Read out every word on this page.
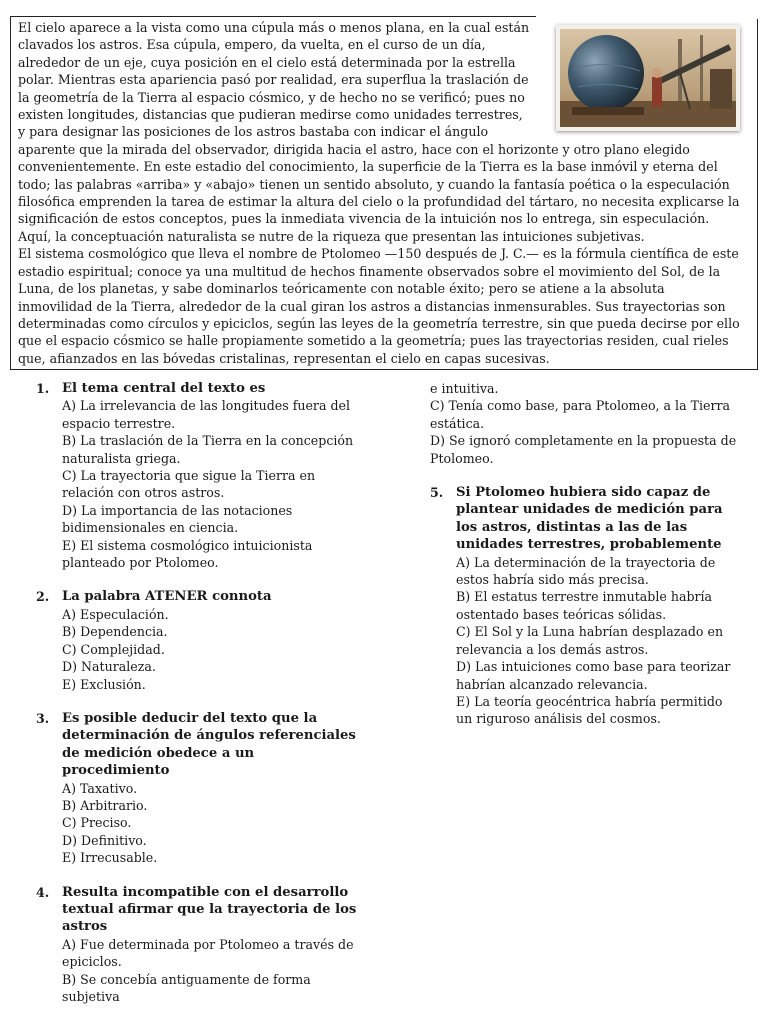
El cielo aparece a la vista como una cúpula más o menos plana, en la cual están clavados los astros. Esa cúpula, empero, da vuelta, en el curso de un día, alrededor de un eje, cuya posición en el cielo está determinada por la estrella polar. Mientras esta apariencia pasó por realidad, era superflua la traslación de la geometría de la Tierra al espacio cósmico, y de hecho no se verificó; pues no existen longitudes, distancias que pudieran medirse como unidades terrestres, y para designar las posiciones de los astros bastaba con indicar el ángulo aparente que la mirada del observador, dirigida hacia el astro, hace con el horizonte y otro plano elegido convenientemente. En este estadio del conocimiento, la superficie de la Tierra es la base inmóvil y eterna del todo; las palabras «arriba» y «abajo» tienen un sentido absoluto, y cuando la fantasía poética o la especulación filosófica emprenden la tarea de estimar la altura del cielo o la profundidad del tártaro, no necesita explicarse la significación de estos conceptos, pues la inmediata vivencia de la intuición nos lo entrega, sin especulación. Aquí, la conceptuación naturalista se nutre de la riqueza que presentan las intuiciones subjetivas.

El sistema cosmológico que lleva el nombre de Ptolomeo —150 después de J. C.— es la fórmula científica de este estadio espiritual; conoce ya una multitud de hechos finamente observados sobre el movimiento del Sol, de la Luna, de los planetas, y sabe dominarlos teóricamente con notable éxito; pero se atiene a la absoluta inmovilidad de la Tierra, alrededor de la cual giran los astros a distancias inmensurables. Sus trayectorias son determinadas como círculos y epiciclos, según las leyes de la geometría terrestre, sin que pueda decirse por ello que el espacio cósmico se halle propiamente sometido a la geometría; pues las trayectorias residen, cual rieles que, afianzados en las bóvedas cristalinas, representan el cielo en capas sucesivas.

1. El tema central del texto es
A) La irrelevancia de las longitudes fuera del espacio terrestre.
B) La traslación de la Tierra en la concepción naturalista griega.
C) La trayectoria que sigue la Tierra en relación con otros astros.
D) La importancia de las notaciones bidimensionales en ciencia.
E) El sistema cosmológico intuicionista planteado por Ptolomeo.
2. La palabra ATENER connota
A) Especulación.
B) Dependencia.
C) Complejidad.
D) Naturaleza.
E) Exclusión.
3. Es posible deducir del texto que la determinación de ángulos referenciales de medición obedece a un procedimiento
A) Taxativo.
B) Arbitrario.
C) Preciso.
D) Definitivo.
E) Irrecusable.
4. Resulta incompatible con el desarrollo textual afirmar que la trayectoria de los astros
A) Fue determinada por Ptolomeo a través de epiciclos.
B) Se concebía antiguamente de forma subjetiva
e intuitiva.
C) Tenía como base, para Ptolomeo, a la Tierra estática.
D) Se ignoró completamente en la propuesta de Ptolomeo.
5. Si Ptolomeo hubiera sido capaz de plantear unidades de medición para los astros, distintas a las de las unidades terrestres, probablemente
A) La determinación de la trayectoria de estos habría sido más precisa.
B) El estatus terrestre inmutable habría ostentado bases teóricas sólidas.
C) El Sol y la Luna habrían desplazado en relevancia a los demás astros.
D) Las intuiciones como base para teorizar habrían alcanzado relevancia.
E) La teoría geocéntrica habría permitido un riguroso análisis del cosmos.
